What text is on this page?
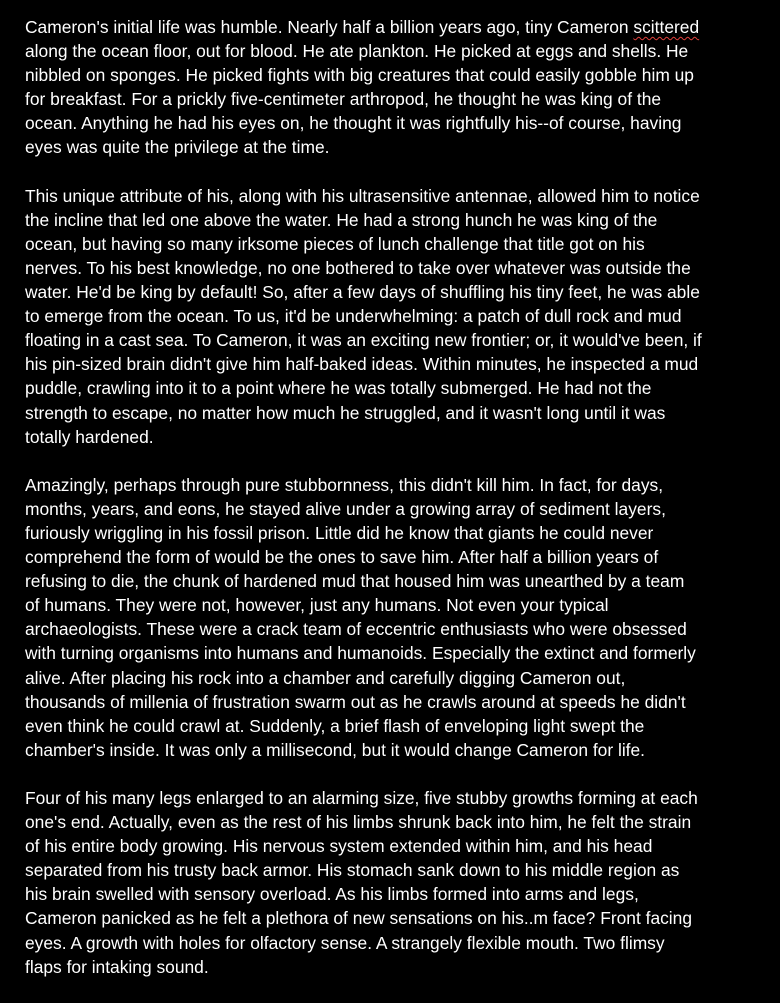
Cameron's initial life was humble. Nearly half a billion years ago, tiny Cameron scittered
along the ocean floor, out for blood. He ate plankton. He picked at eggs and shells. He
nibbled on sponges. He picked fights with big creatures that could easily gobble him up
for breakfast. For a prickly five-centimeter arthropod, he thought he was king of the
ocean. Anything he had his eyes on, he thought it was rightfully his--of course, having
eyes was quite the privilege at the time.

This unique attribute of his, along with his ultrasensitive antennae, allowed him to notice
the incline that led one above the water. He had a strong hunch he was king of the
ocean, but having so many irksome pieces of lunch challenge that title got on his
nerves. To his best knowledge, no one bothered to take over whatever was outside the
water. He'd be king by default! So, after a few days of shuffling his tiny feet, he was able
to emerge from the ocean. To us, it'd be underwhelming: a patch of dull rock and mud
floating in a cast sea. To Cameron, it was an exciting new frontier; or, it would've been, if
his pin-sized brain didn't give him half-baked ideas. Within minutes, he inspected a mud
puddle, crawling into it to a point where he was totally submerged. He had not the
strength to escape, no matter how much he struggled, and it wasn't long until it was
totally hardened.

Amazingly, perhaps through pure stubbornness, this didn't kill him. In fact, for days,
months, years, and eons, he stayed alive under a growing array of sediment layers,
furiously wriggling in his fossil prison. Little did he know that giants he could never
comprehend the form of would be the ones to save him. After half a billion years of
refusing to die, the chunk of hardened mud that housed him was unearthed by a team
of humans. They were not, however, just any humans. Not even your typical
archaeologists. These were a crack team of eccentric enthusiasts who were obsessed
with turning organisms into humans and humanoids. Especially the extinct and formerly
alive. After placing his rock into a chamber and carefully digging Cameron out,
thousands of millenia of frustration swarm out as he crawls around at speeds he didn't
even think he could crawl at. Suddenly, a brief flash of enveloping light swept the
chamber's inside. It was only a millisecond, but it would change Cameron for life.

Four of his many legs enlarged to an alarming size, five stubby growths forming at each
one's end. Actually, even as the rest of his limbs shrunk back into him, he felt the strain
of his entire body growing. His nervous system extended within him, and his head
separated from his trusty back armor. His stomach sank down to his middle region as
his brain swelled with sensory overload. As his limbs formed into arms and legs,
Cameron panicked as he felt a plethora of new sensations on his..m face? Front facing
eyes. A growth with holes for olfactory sense. A strangely flexible mouth. Two flimsy
flaps for intaking sound.
